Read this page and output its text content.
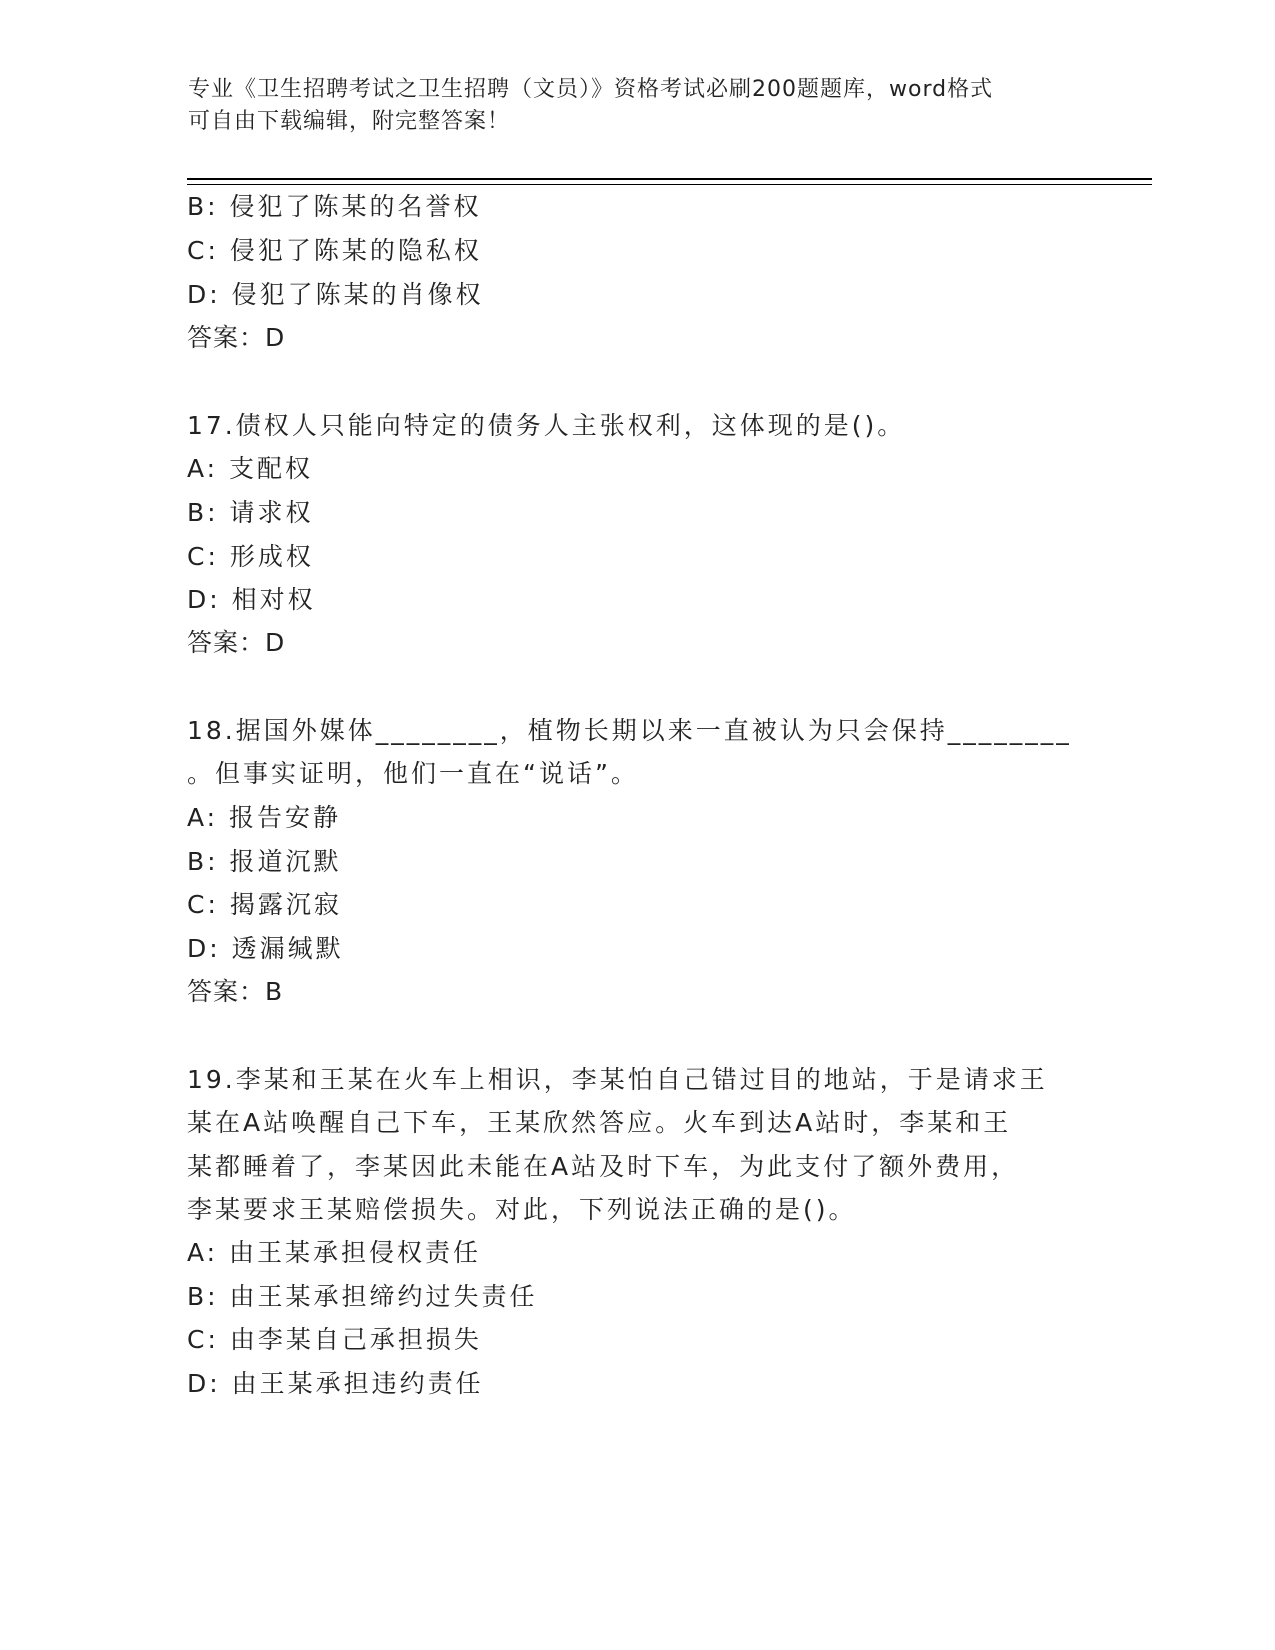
专业《卫生招聘考试之卫生招聘（文员）》资格考试必刷200题题库，word格式
可自由下载编辑，附完整答案！
B: 侵犯了陈某的名誉权
C: 侵犯了陈某的隐私权
D: 侵犯了陈某的肖像权
答案：D
17.债权人只能向特定的债务人主张权利，这体现的是()。
A: 支配权
B: 请求权
C: 形成权
D: 相对权
答案：D
18.据国外媒体________，植物长期以来一直被认为只会保持________
。但事实证明，他们一直在“说话”。
A: 报告安静
B: 报道沉默
C: 揭露沉寂
D: 透漏缄默
答案：B
19.李某和王某在火车上相识，李某怕自己错过目的地站，于是请求王
某在A站唤醒自己下车，王某欣然答应。火车到达A站时，李某和王
某都睡着了，李某因此未能在A站及时下车，为此支付了额外费用，
李某要求王某赔偿损失。对此，下列说法正确的是()。
A: 由王某承担侵权责任
B: 由王某承担缔约过失责任
C: 由李某自己承担损失
D: 由王某承担违约责任
